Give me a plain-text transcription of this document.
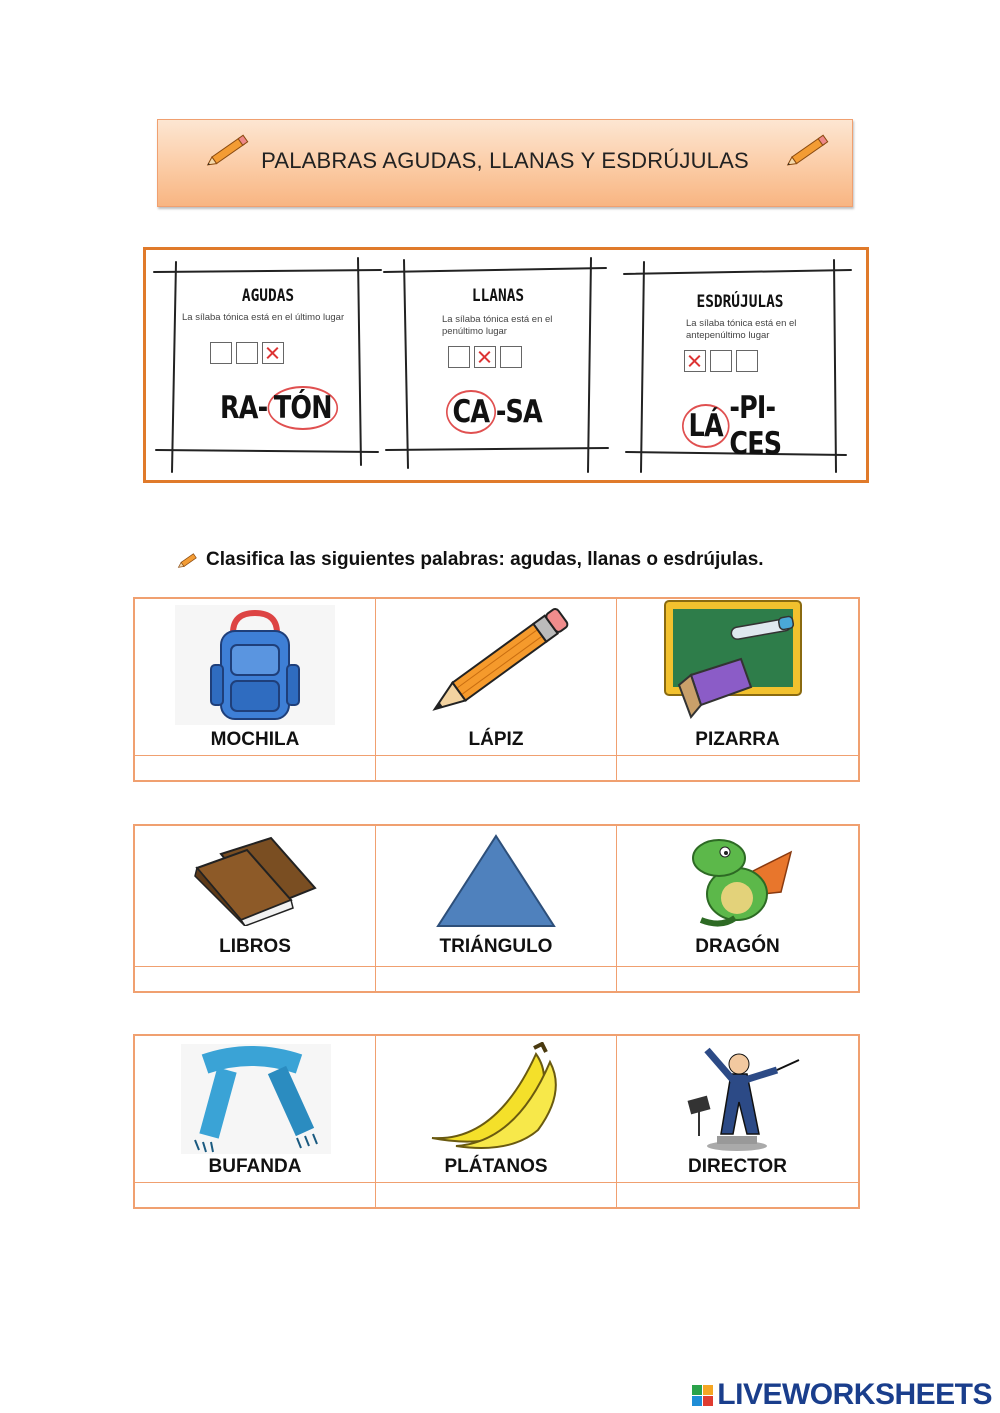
PALABRAS AGUDAS, LLANAS Y ESDRÚJULAS
AGUDAS
La sílaba tónica está en el último lugar
RA- TÓN
LLANAS
La sílaba tónica está en el penúltimo lugar
CA -SA
ESDRÚJULAS
La sílaba tónica está en el antepenúltimo lugar
LÁ -PI-CES
Clasifica las siguientes palabras: agudas, llanas o esdrújulas.
MOCHILA	LÁPIZ	PIZARRA
LIBROS	TRIÁNGULO	DRAGÓN
BUFANDA	PLÁTANOS	DIRECTOR
LIVEWORKSHEETS
